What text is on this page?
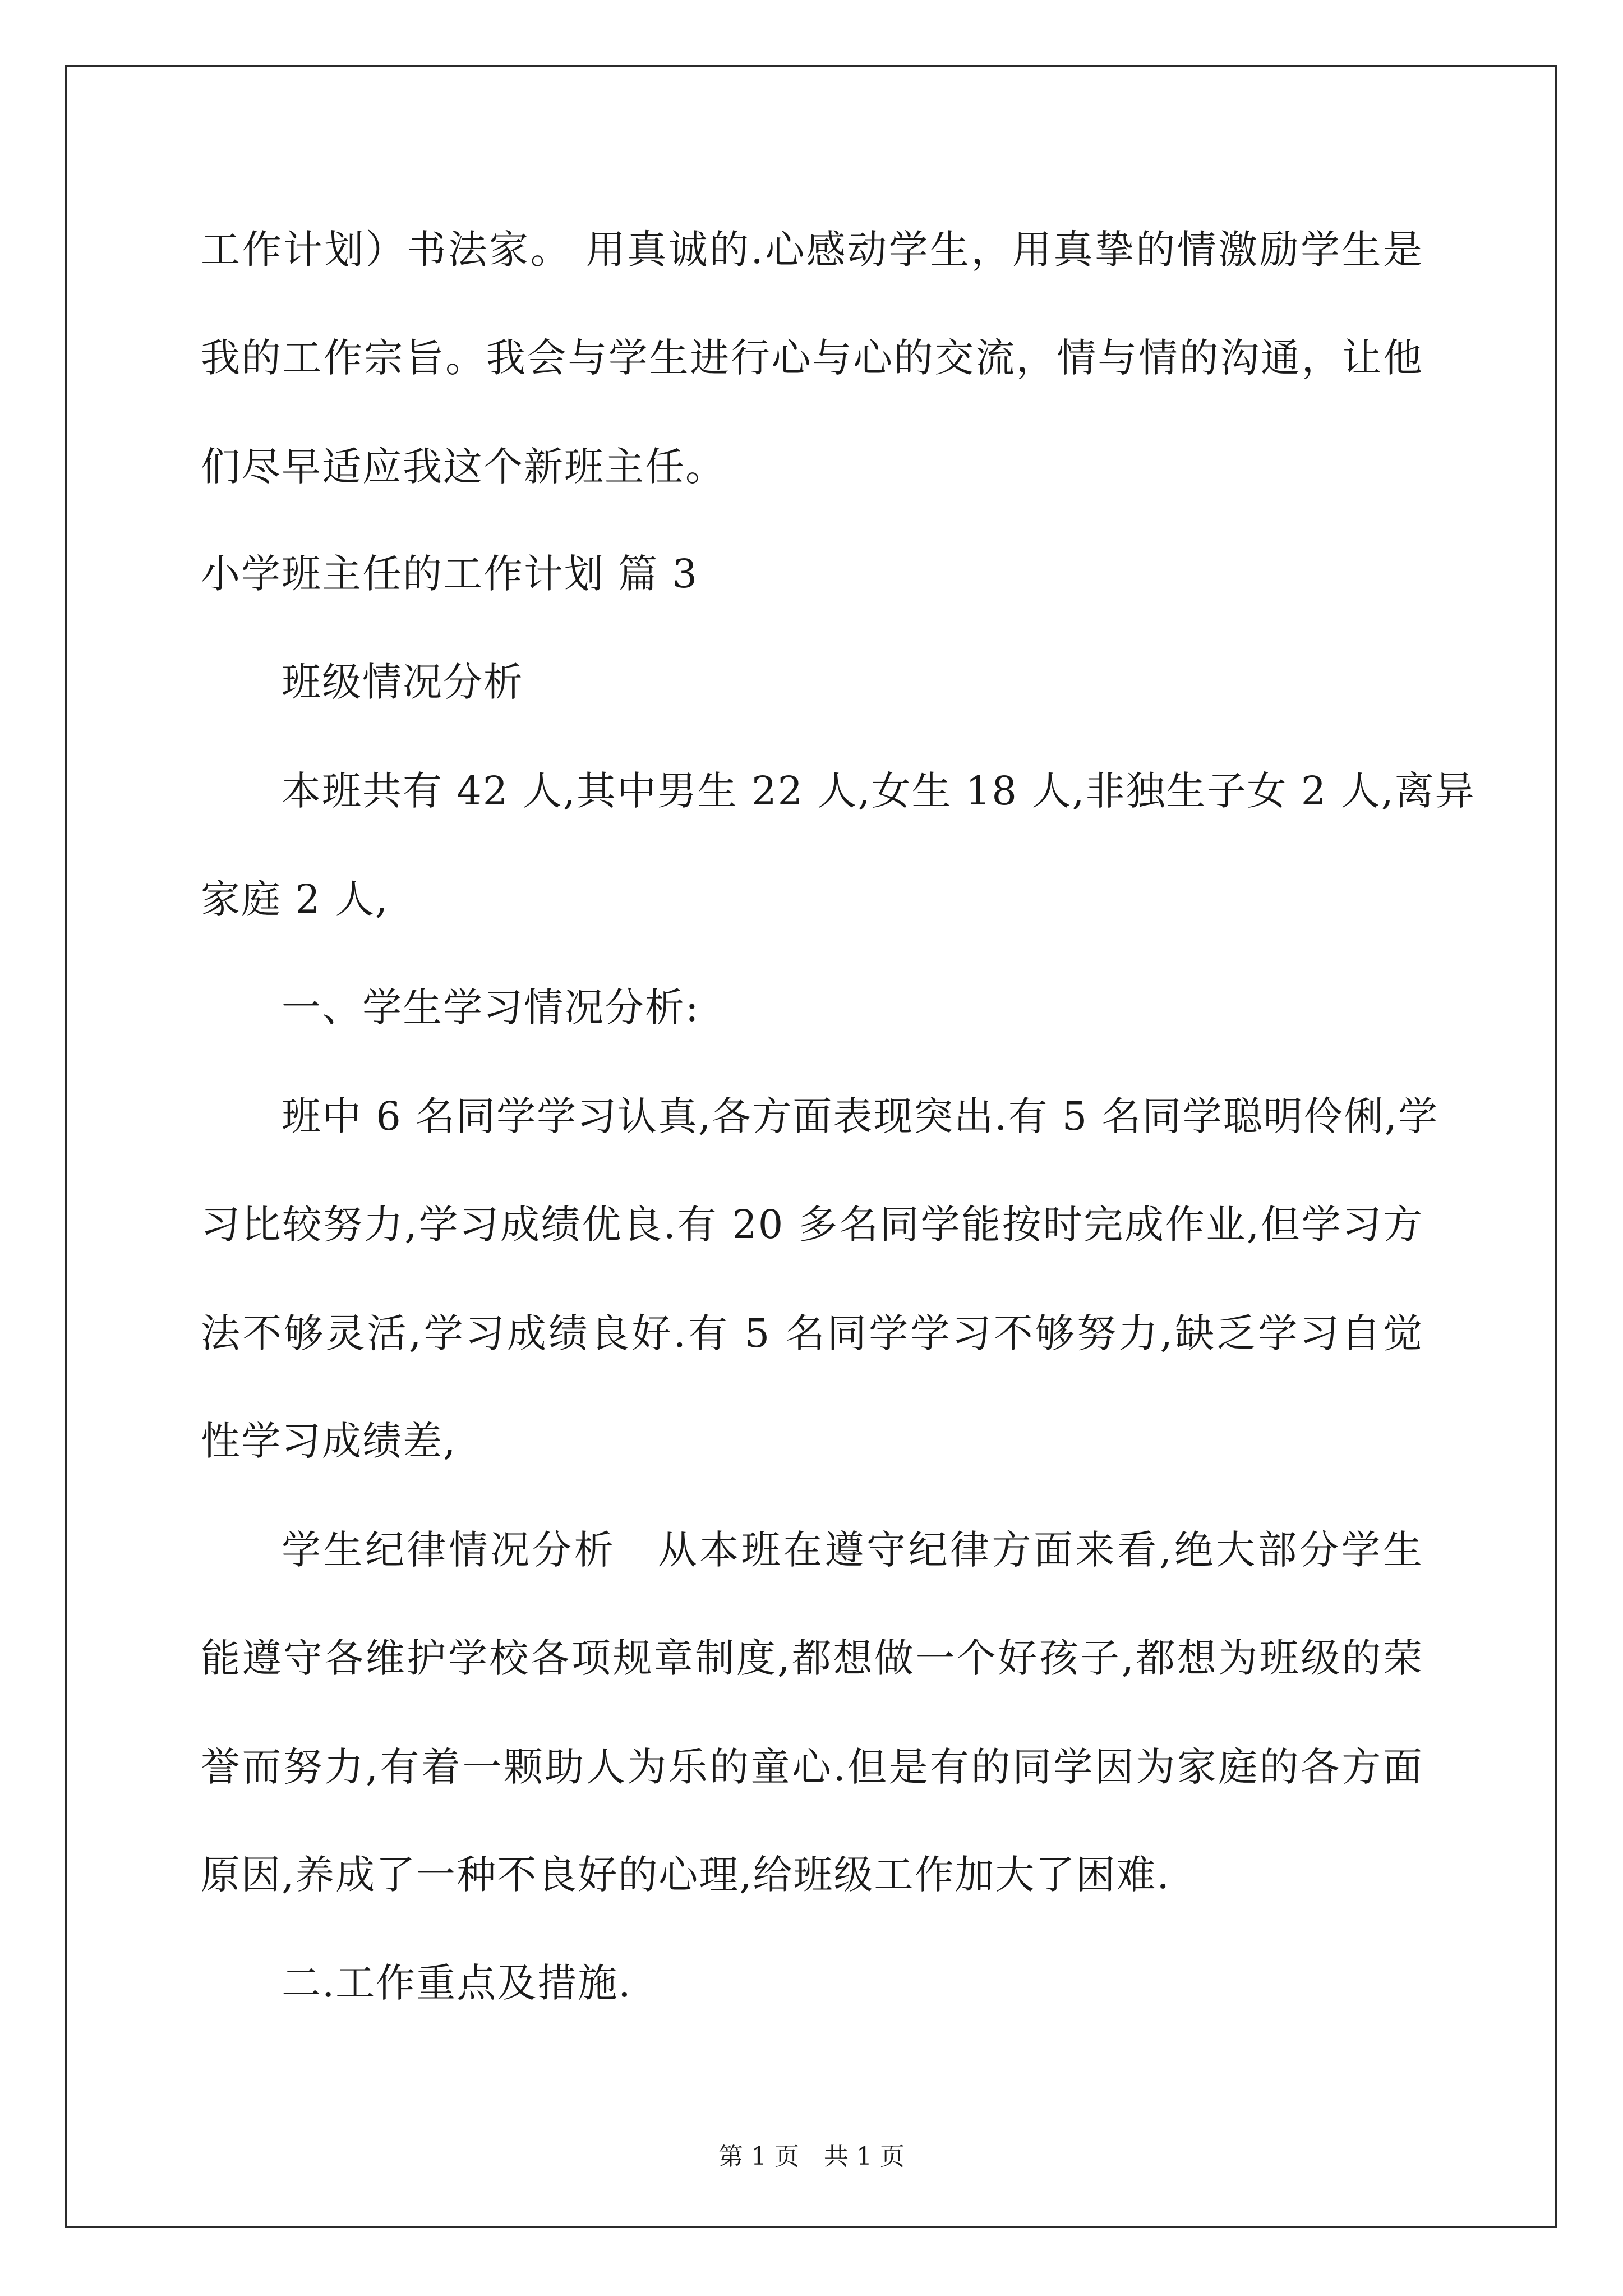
工作计划）书法家。 用真诚的.心感动学生，用真挚的情激励学生是
我的工作宗旨。我会与学生进行心与心的交流，情与情的沟通，让他
们尽早适应我这个新班主任。
小学班主任的工作计划 篇 3
班级情况分析
本班共有 42 人,其中男生 22 人,女生 18 人,非独生子女 2 人,离异
家庭 2 人,
一、学生学习情况分析:
班中 6 名同学学习认真,各方面表现突出.有 5 名同学聪明伶俐,学
习比较努力,学习成绩优良.有 20 多名同学能按时完成作业,但学习方
法不够灵活,学习成绩良好.有 5 名同学学习不够努力,缺乏学习自觉
性学习成绩差,
学生纪律情况分析　从本班在遵守纪律方面来看,绝大部分学生
能遵守各维护学校各项规章制度,都想做一个好孩子,都想为班级的荣
誉而努力,有着一颗助人为乐的童心.但是有的同学因为家庭的各方面
原因,养成了一种不良好的心理,给班级工作加大了困难.
二.工作重点及措施.
第 1 页　共 1 页
